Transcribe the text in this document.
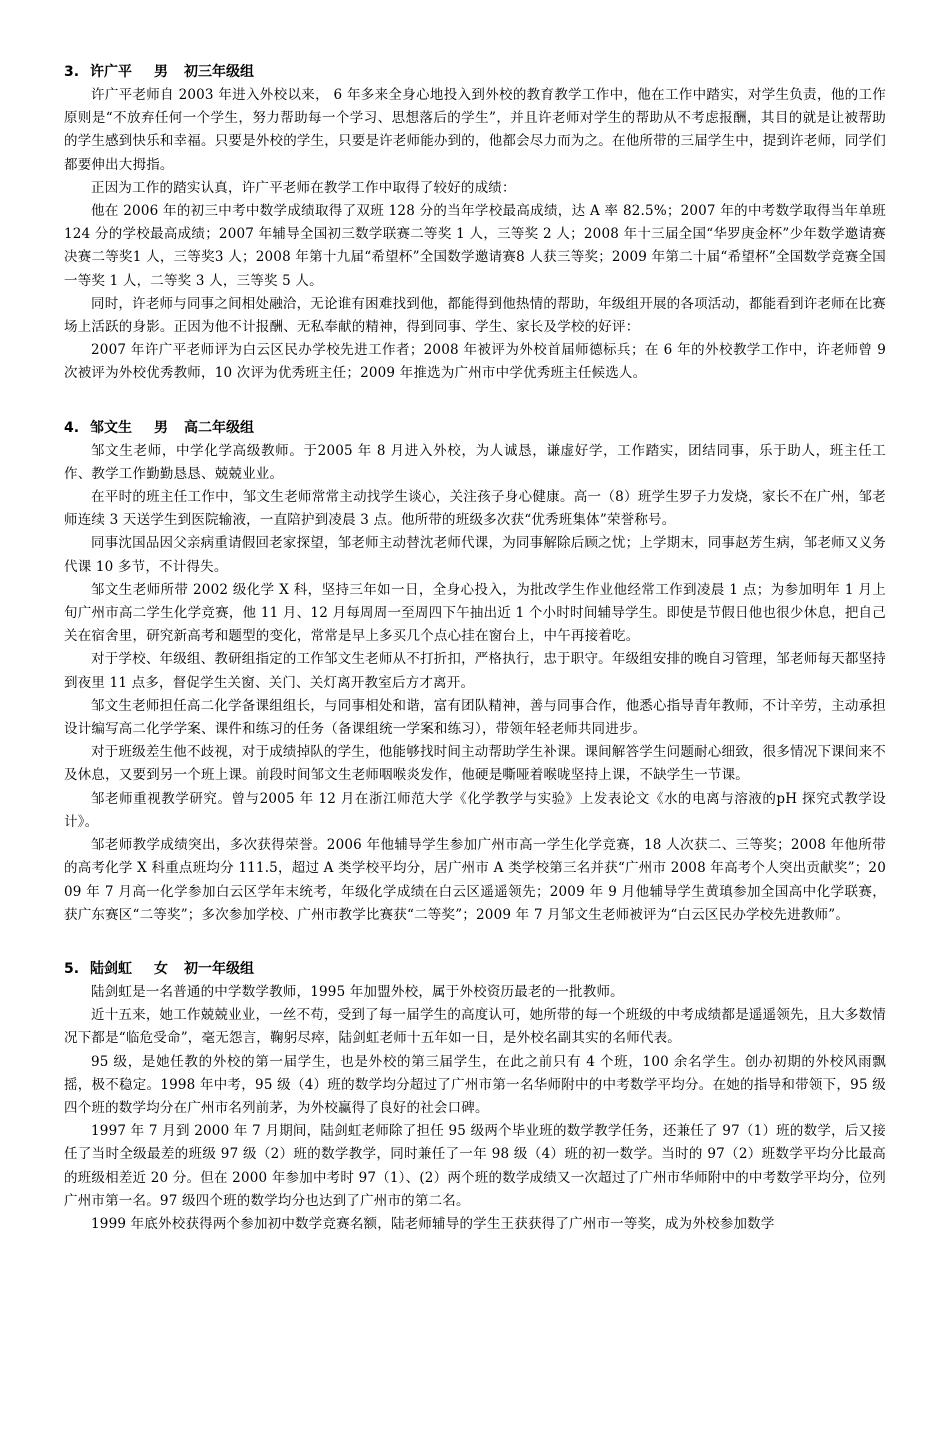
3. 许广平 男 初三年级组

许广平老师自 2003 年进入外校以来， 6 年多来全身心地投入到外校的教育教学工作中，他在工作中踏实，对学生负责，他的工作原则是“不放弃任何一个学生，努力帮助每一个学习、思想落后的学生”，并且许老师对学生的帮助从不考虑报酬，其目的就是让被帮助的学生感到快乐和幸福。只要是外校的学生，只要是许老师能办到的，他都会尽力而为之。在他所带的三届学生中，提到许老师，同学们都要伸出大拇指。

正因为工作的踏实认真，许广平老师在教学工作中取得了较好的成绩：

他在 2006 年的初三中考中数学成绩取得了双班 128 分的当年学校最高成绩，达 A 率 82.5%；2007 年的中考数学取得当年单班 124 分的学校最高成绩；2007 年辅导全国初三数学联赛二等奖 1 人，三等奖 2 人；2008 年十三届全国“华罗庚金杯”少年数学邀请赛决赛二等奖1 人，三等奖3 人；2008 年第十九届“希望杯”全国数学邀请赛8 人获三等奖；2009 年第二十届“希望杯”全国数学竞赛全国一等奖 1 人，二等奖 3 人，三等奖 5 人。

同时，许老师与同事之间相处融洽，无论谁有困难找到他，都能得到他热情的帮助，年级组开展的各项活动，都能看到许老师在比赛场上活跃的身影。正因为他不计报酬、无私奉献的精神，得到同事、学生、家长及学校的好评：

2007 年许广平老师评为白云区民办学校先进工作者；2008 年被评为外校首届师德标兵；在 6 年的外校教学工作中，许老师曾 9 次被评为外校优秀教师，10 次评为优秀班主任；2009 年推选为广州市中学优秀班主任候选人。

4. 邹文生 男 高二年级组

邹文生老师，中学化学高级教师。于2005 年 8 月进入外校，为人诚恳，谦虚好学，工作踏实，团结同事，乐于助人，班主任工作、教学工作勤勤恳恳、兢兢业业。

在平时的班主任工作中，邹文生老师常常主动找学生谈心，关注孩子身心健康。高一（8）班学生罗子力发烧，家长不在广州，邹老师连续 3 天送学生到医院输液，一直陪护到凌晨 3 点。他所带的班级多次获“优秀班集体”荣誉称号。

同事沈国品因父亲病重请假回老家探望，邹老师主动替沈老师代课，为同事解除后顾之忧；上学期末，同事赵芳生病，邹老师又义务代课 10 多节，不计得失。

邹文生老师所带 2002 级化学 X 科，坚持三年如一日，全身心投入，为批改学生作业他经常工作到凌晨 1 点；为参加明年 1 月上旬广州市高二学生化学竞赛，他 11 月、12 月每周周一至周四下午抽出近 1 个小时时间辅导学生。即使是节假日他也很少休息，把自己关在宿舍里，研究新高考和题型的变化，常常是早上多买几个点心挂在窗台上，中午再接着吃。

对于学校、年级组、教研组指定的工作邹文生老师从不打折扣，严格执行，忠于职守。年级组安排的晚自习管理，邹老师每天都坚持到夜里 11 点多，督促学生关窗、关门、关灯离开教室后方才离开。

邹文生老师担任高二化学备课组组长，与同事相处和谐，富有团队精神，善与同事合作，他悉心指导青年教师，不计辛劳，主动承担设计编写高二化学学案、课件和练习的任务（备课组统一学案和练习），带领年轻老师共同进步。

对于班级差生他不歧视，对于成绩掉队的学生，他能够找时间主动帮助学生补课。课间解答学生问题耐心细致，很多情况下课间来不及休息，又要到另一个班上课。前段时间邹文生老师咽喉炎发作，他硬是嘶哑着喉咙坚持上课，不缺学生一节课。

邹老师重视教学研究。曾与2005 年 12 月在浙江师范大学《化学教学与实验》上发表论文《水的电离与溶液的pH 探究式教学设计》。

邹老师教学成绩突出，多次获得荣誉。2006 年他辅导学生参加广州市高一学生化学竞赛，18 人次获二、三等奖；2008 年他所带的高考化学 X 科重点班均分 111.5，超过 A 类学校平均分，居广州市 A 类学校第三名并获“广州市 2008 年高考个人突出贡献奖”；2009 年 7 月高一化学参加白云区学年末统考，年级化学成绩在白云区遥遥领先；2009 年 9 月他辅导学生黄瑱参加全国高中化学联赛，获广东赛区“二等奖”；多次参加学校、广州市教学比赛获“二等奖”；2009 年 7 月邹文生老师被评为“白云区民办学校先进教师”。

5. 陆剑虹 女 初一年级组

陆剑虹是一名普通的中学数学教师，1995 年加盟外校，属于外校资历最老的一批教师。

近十五来，她工作兢兢业业，一丝不苟，受到了每一届学生的高度认可，她所带的每一个班级的中考成绩都是遥遥领先，且大多数情况下都是“临危受命”，毫无怨言，鞠躬尽瘁，陆剑虹老师十五年如一日，是外校名副其实的名师代表。

95 级，是她任教的外校的第一届学生，也是外校的第三届学生，在此之前只有 4 个班，100 余名学生。创办初期的外校风雨飘摇，极不稳定。1998 年中考，95 级（4）班的数学均分超过了广州市第一名华师附中的中考数学平均分。在她的指导和带领下，95 级四个班的数学均分在广州市名列前茅，为外校赢得了良好的社会口碑。

1997 年 7 月到 2000 年 7 月期间，陆剑虹老师除了担任 95 级两个毕业班的数学教学任务，还兼任了 97（1）班的数学，后又接任了当时全级最差的班级 97 级（2）班的数学教学，同时兼任了一年 98 级（4）班的初一数学。当时的 97（2）班数学平均分比最高的班级相差近 20 分。但在 2000 年参加中考时 97（1）、(2）两个班的数学成绩又一次超过了广州市华师附中的中考数学平均分，位列广州市第一名。97 级四个班的数学均分也达到了广州市的第二名。

1999 年底外校获得两个参加初中数学竞赛名额，陆老师辅导的学生王获获得了广州市一等奖，成为外校参加数学
